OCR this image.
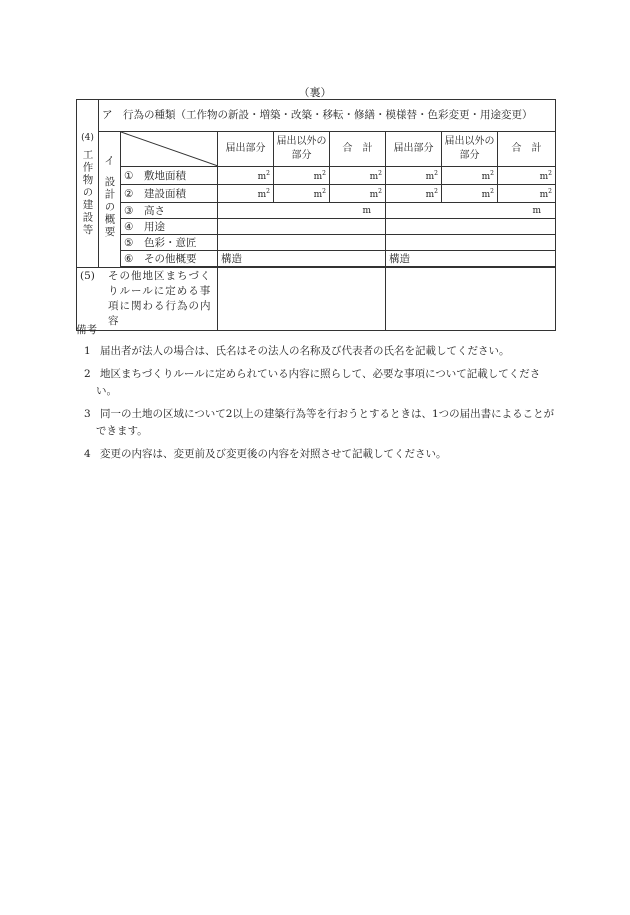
（裏）
(4)
工作物の建設等	ア　行為の種類（工作物の新設・増築・改築・移転・修繕・模様替・色彩変更・用途変更）							

	イ
設計の概要		届出部分	届出以外の部分	合　計	届出部分	届出以外の部分	合　計
		① 敷地面積	$m^2$	$m^2$	$m^2$	$m^2$	$m^2$	$m^2$
		② 建設面積	$m^2$	$m^2$	$m^2$	$m^2$	$m^2$	$m^2$
		③ 高さ	m			m		
		④ 用途						
		⑤ 色彩・意匠						
		⑥ その他概要	構造			構造		

(5) その他地区まちづくりルールに定める事項に関わる行為の内容								

備考
1 届出者が法人の場合は、氏名はその法人の名称及び代表者の氏名を記載してください。
2 地区まちづくりルールに定められている内容に照らして、必要な事項について記載してください。
3 同一の土地の区域について2以上の建築行為等を行おうとするときは、1つの届出書によることができます。
4 変更の内容は、変更前及び変更後の内容を対照させて記載してください。
